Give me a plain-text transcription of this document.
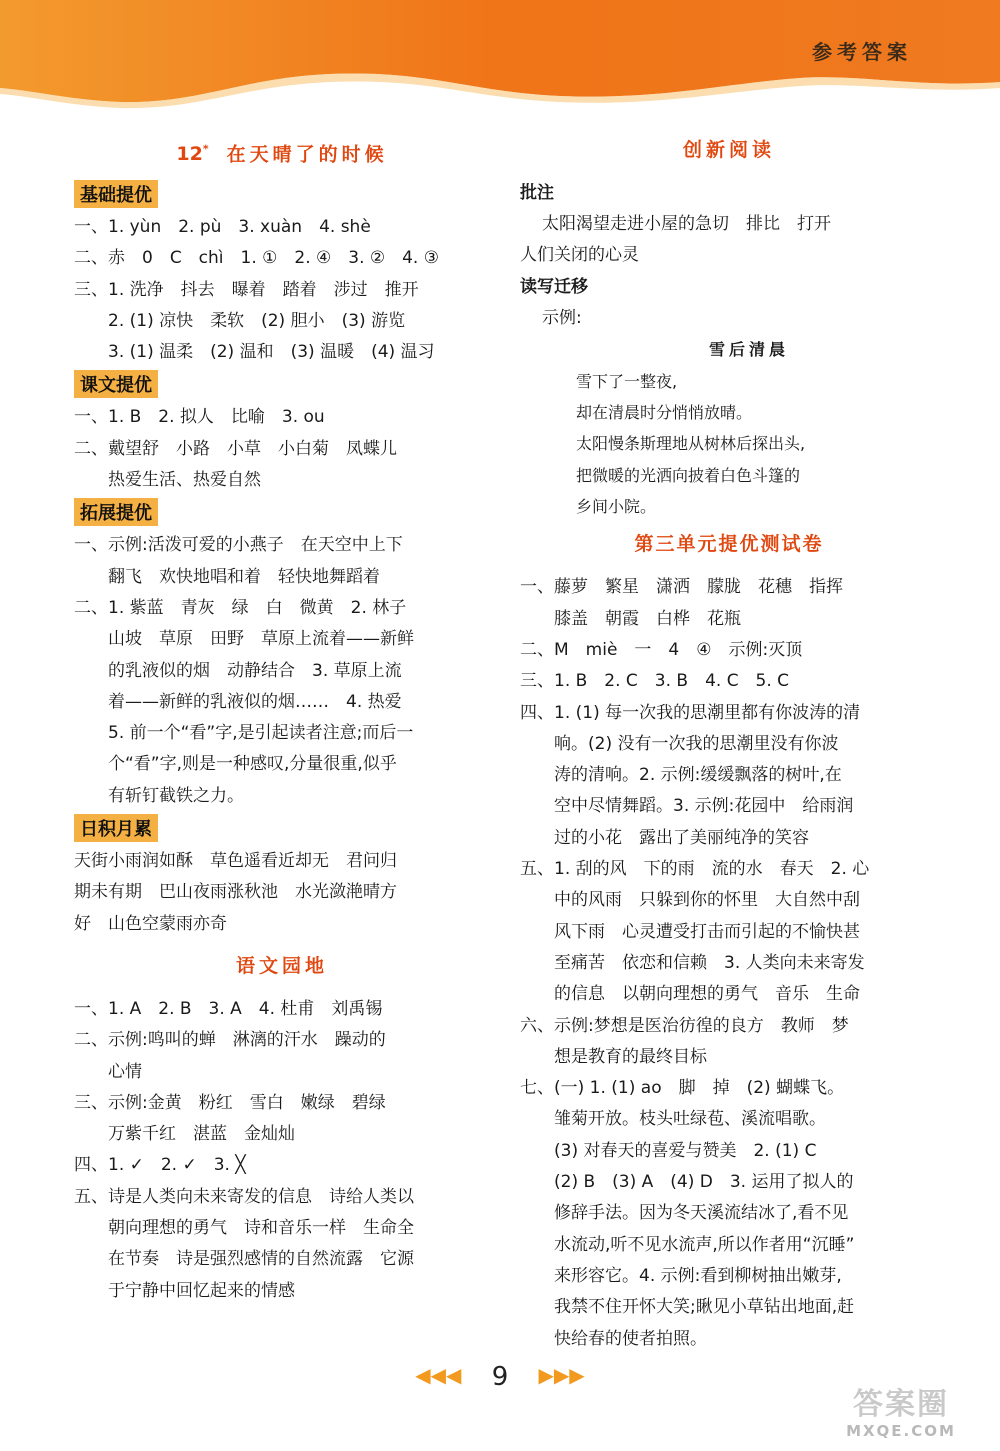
参考答案
12* 在天晴了的时候
基础提优
一、1. yùn　2. pù　3. xuàn　4. shè
二、赤　0　C　chì　1. ①　2. ④　3. ②　4. ③
三、1. 洗净　抖去　曝着　踏着　涉过　推开
2. (1) 凉快　柔软　(2) 胆小　(3) 游览
3. (1) 温柔　(2) 温和　(3) 温暖　(4) 温习
课文提优
一、1. B　2. 拟人　比喻　3. ou
二、戴望舒　小路　小草　小白菊　凤蝶儿
热爱生活、热爱自然
拓展提优
一、示例:活泼可爱的小燕子　在天空中上下
翻飞　欢快地唱和着　轻快地舞蹈着
二、1. 紫蓝　青灰　绿　白　微黄　2. 林子
山坡　草原　田野　草原上流着——新鲜
的乳液似的烟　动静结合　3. 草原上流
着——新鲜的乳液似的烟……　4. 热爱
5. 前一个“看”字,是引起读者注意;而后一
个“看”字,则是一种感叹,分量很重,似乎
有斩钉截铁之力。
日积月累
天街小雨润如酥　草色遥看近却无　君问归
期未有期　巴山夜雨涨秋池　水光潋滟晴方
好　山色空蒙雨亦奇
语文园地
一、1. A　2. B　3. A　4. 杜甫　刘禹锡
二、示例:鸣叫的蝉　淋漓的汗水　躁动的
心情
三、示例:金黄　粉红　雪白　嫩绿　碧绿
万紫千红　湛蓝　金灿灿
四、1. ✓　2. ✓　3. ╳
五、诗是人类向未来寄发的信息　诗给人类以
朝向理想的勇气　诗和音乐一样　生命全
在节奏　诗是强烈感情的自然流露　它源
于宁静中回忆起来的情感
创新阅读
批注
太阳渴望走进小屋的急切　排比　打开
人们关闭的心灵
读写迁移
示例:
雪后清晨
雪下了一整夜,
却在清晨时分悄悄放晴。
太阳慢条斯理地从树林后探出头,
把微暖的光洒向披着白色斗篷的
乡间小院。
第三单元提优测试卷
一、藤萝　繁星　潇洒　朦胧　花穗　指挥
膝盖　朝霞　白桦　花瓶
二、M　miè　一　4　④　示例:灭顶
三、1. B　2. C　3. B　4. C　5. C
四、1. (1) 每一次我的思潮里都有你波涛的清
响。(2) 没有一次我的思潮里没有你波
涛的清响。2. 示例:缓缓飘落的树叶,在
空中尽情舞蹈。3. 示例:花园中　给雨润
过的小花　露出了美丽纯净的笑容
五、1. 刮的风　下的雨　流的水　春天　2. 心
中的风雨　只躲到你的怀里　大自然中刮
风下雨　心灵遭受打击而引起的不愉快甚
至痛苦　依恋和信赖　3. 人类向未来寄发
的信息　以朝向理想的勇气　音乐　生命
六、示例:梦想是医治彷徨的良方　教师　梦
想是教育的最终目标
七、(一) 1. (1) ao　脚　掉　(2) 蝴蝶飞。
雏菊开放。枝头吐绿苞、溪流唱歌。
(3) 对春天的喜爱与赞美　2. (1) C
(2) B　(3) A　(4) D　3. 运用了拟人的
修辞手法。因为冬天溪流结冰了,看不见
水流动,听不见水流声,所以作者用“沉睡”
来形容它。4. 示例:看到柳树抽出嫩芽,
我禁不住开怀大笑;瞅见小草钻出地面,赶
快给春的使者拍照。
◀◀◀ 9 ▶▶▶
答案圈
MXQE.COM
